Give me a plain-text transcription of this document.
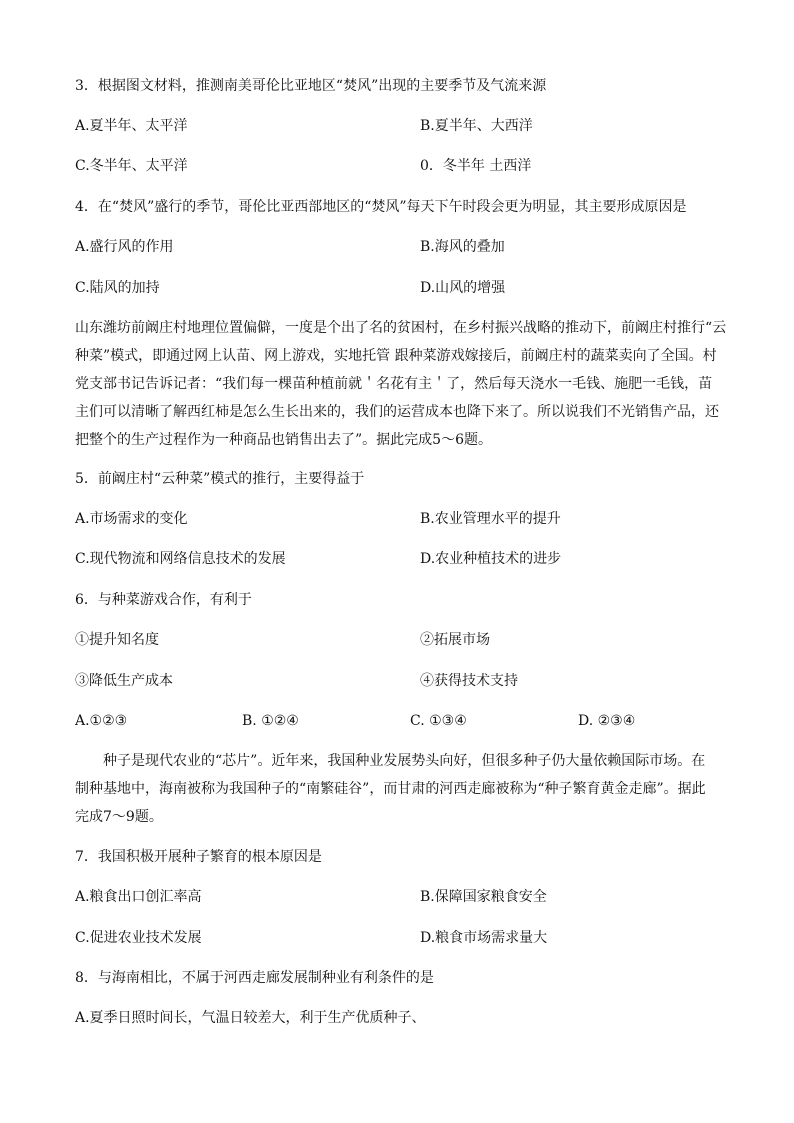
3．根据图文材料，推测南美哥伦比亚地区“焚风”出现的主要季节及气流来源
A.夏半年、太平洋	B.夏半年、大西洋
C.冬半年、太平洋	0．冬半年 土西洋
4．在“焚风”盛行的季节，哥伦比亚西部地区的“焚风”每天下午时段会更为明显，其主要形成原因是
A.盛行风的作用	B.海风的叠加
C.陆风的加持	D.山风的增强
山东潍坊前阚庄村地理位置偏僻，一度是个出了名的贫困村，在乡村振兴战略的推动下，前阚庄村推行“云
种菜”模式，即通过网上认苗、网上游戏，实地托管 跟种菜游戏嫁接后，前阚庄村的蔬菜卖向了全国。村
党支部书记告诉记者：“我们每一棵苗种植前就＇名花有主＇了，然后每天浇水一毛钱、施肥一毛钱，苗
主们可以清晰了解西红柿是怎么生长出来的，我们的运营成本也降下来了。所以说我们不光销售产品，还
把整个的生产过程作为一种商品也销售出去了”。据此完成5～6题。
5．前阚庄村“云种菜”模式的推行，主要得益于
A.市场需求的变化	B.农业管理水平的提升
C.现代物流和网络信息技术的发展	D.农业种植技术的进步
6．与种菜游戏合作，有利于
①提升知名度	②拓展市场
③降低生产成本	④获得技术支持
A.①②③	B. ①②④	C. ①③④	D. ②③④
种子是现代农业的“芯片”。近年来，我国种业发展势头向好，但很多种子仍大量依赖国际市场。在
制种基地中，海南被称为我国种子的“南繁硅谷”，而甘肃的河西走廊被称为“种子繁育黄金走廊”。据此
完成7～9题。
7．我国积极开展种子繁育的根本原因是
A.粮食出口创汇率高	B.保障国家粮食安全
C.促进农业技术发展	D.粮食市场需求量大
8．与海南相比，不属于河西走廊发展制种业有利条件的是
A.夏季日照时间长，气温日较差大，利于生产优质种子、
